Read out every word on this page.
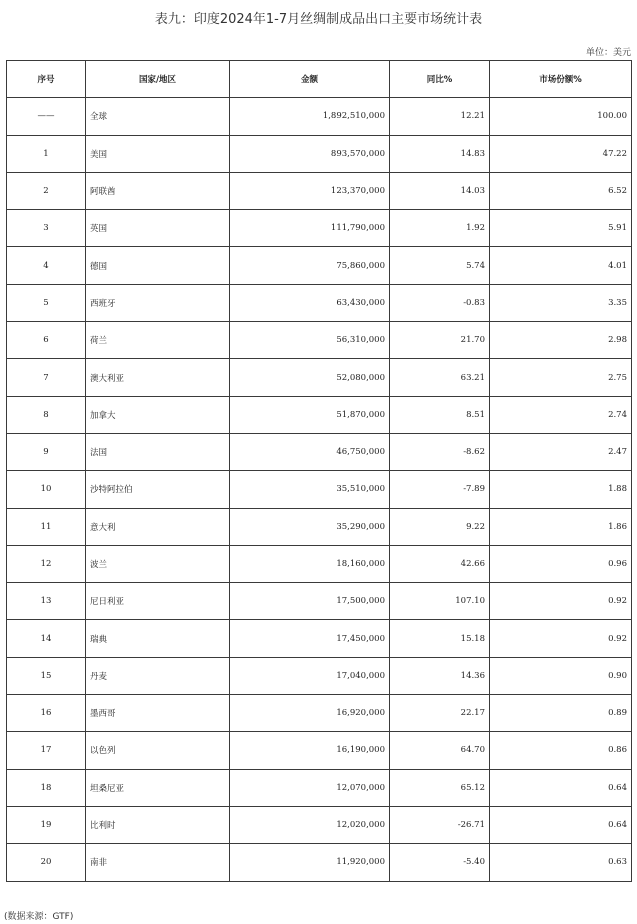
表九：印度2024年1-7月丝绸制成品出口主要市场统计表
单位：美元
序号	国家/地区	金额	同比%	市场份额%
——	全球	1,892,510,000	12.21	100.00
1	美国	893,570,000	14.83	47.22
2	阿联酋	123,370,000	14.03	6.52
3	英国	111,790,000	1.92	5.91
4	德国	75,860,000	5.74	4.01
5	西班牙	63,430,000	-0.83	3.35
6	荷兰	56,310,000	21.70	2.98
7	澳大利亚	52,080,000	63.21	2.75
8	加拿大	51,870,000	8.51	2.74
9	法国	46,750,000	-8.62	2.47
10	沙特阿拉伯	35,510,000	-7.89	1.88
11	意大利	35,290,000	9.22	1.86
12	波兰	18,160,000	42.66	0.96
13	尼日利亚	17,500,000	107.10	0.92
14	瑞典	17,450,000	15.18	0.92
15	丹麦	17,040,000	14.36	0.90
16	墨西哥	16,920,000	22.17	0.89
17	以色列	16,190,000	64.70	0.86
18	坦桑尼亚	12,070,000	65.12	0.64
19	比利时	12,020,000	-26.71	0.64
20	南非	11,920,000	-5.40	0.63
(数据来源：GTF)
